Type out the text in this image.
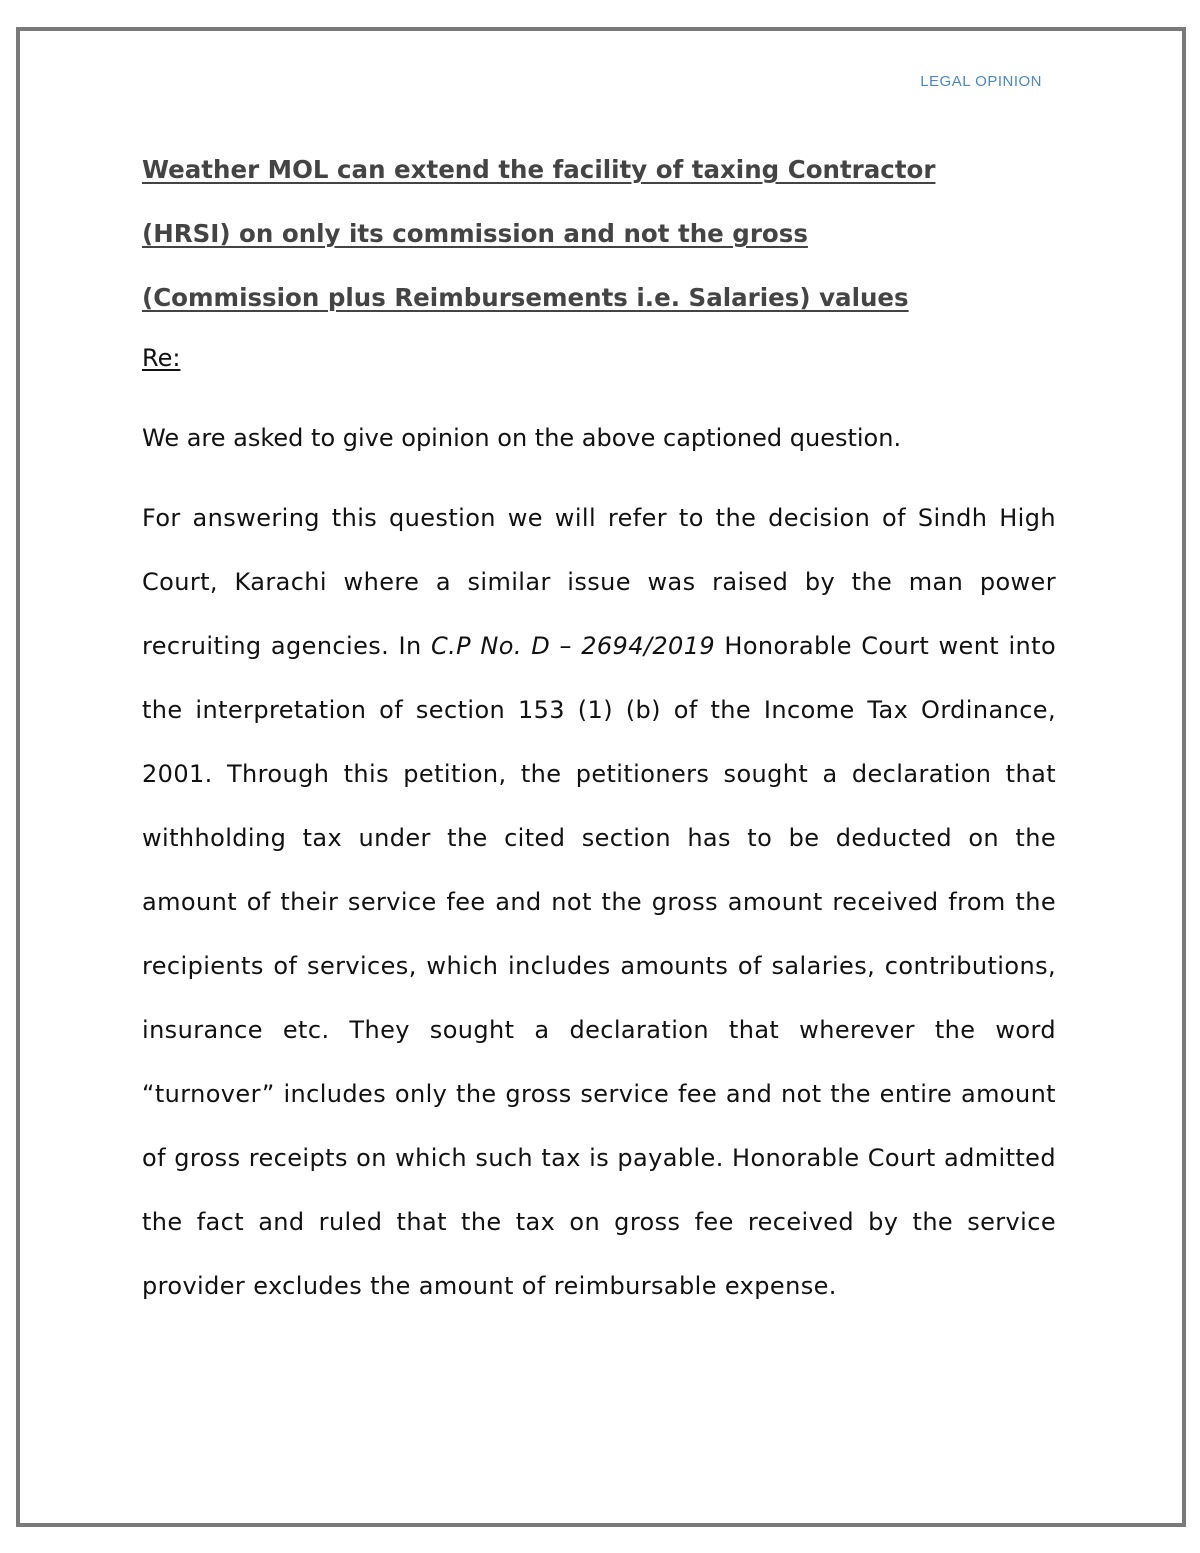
LEGAL OPINION
Weather MOL can extend the facility of taxing Contractor
(HRSI) on only its commission and not the gross
(Commission plus Reimbursements i.e. Salaries) values

Re:

We are asked to give opinion on the above captioned question.

For answering this question we will refer to the decision of Sindh High Court, Karachi where a similar issue was raised by the man power recruiting agencies. In C.P No. D – 2694/2019 Honorable Court went into the interpretation of section 153 (1) (b) of the Income Tax Ordinance, 2001. Through this petition, the petitioners sought a declaration that withholding tax under the cited section has to be deducted on the amount of their service fee and not the gross amount received from the recipients of services, which includes amounts of salaries, contributions, insurance etc. They sought a declaration that wherever the word “turnover” includes only the gross service fee and not the entire amount of gross receipts on which such tax is payable. Honorable Court admitted the fact and ruled that the tax on gross fee received by the service provider excludes the amount of reimbursable expense.
